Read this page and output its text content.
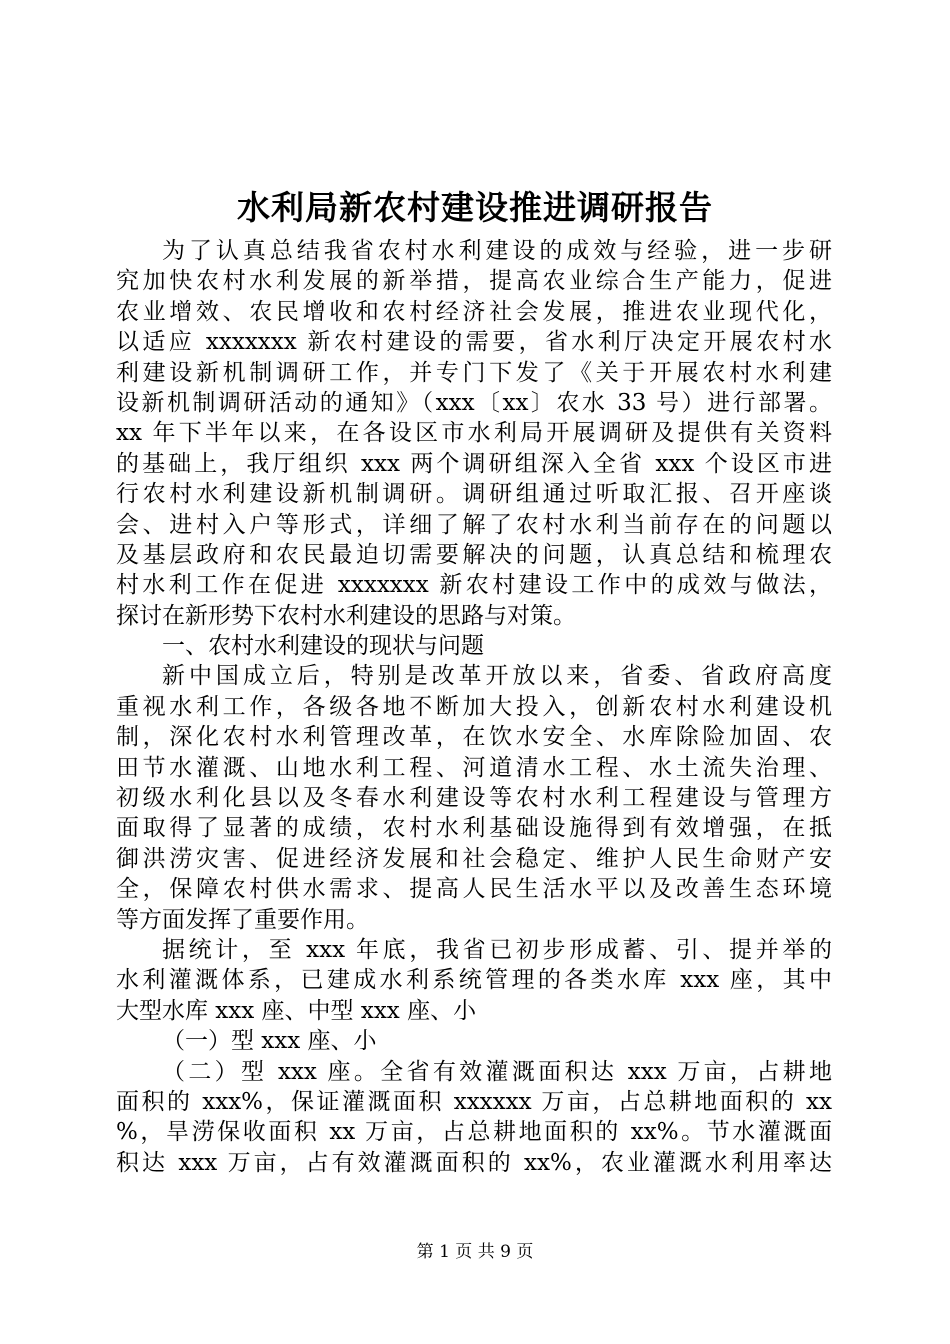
水利局新农村建设推进调研报告
为了认真总结我省农村水利建设的成效与经验，进一步研
究加快农村水利发展的新举措，提高农业综合生产能力，促进
农业增效、农民增收和农村经济社会发展，推进农业现代化，
以适应 xxxxxxx 新农村建设的需要，省水利厅决定开展农村水
利建设新机制调研工作，并专门下发了《关于开展农村水利建
设新机制调研活动的通知》（xxx〔xx〕农水 33 号）进行部署。
xx 年下半年以来，在各设区市水利局开展调研及提供有关资料
的基础上，我厅组织 xxx 两个调研组深入全省 xxx 个设区市进
行农村水利建设新机制调研。调研组通过听取汇报、召开座谈
会、进村入户等形式，详细了解了农村水利当前存在的问题以
及基层政府和农民最迫切需要解决的问题，认真总结和梳理农
村水利工作在促进 xxxxxxx 新农村建设工作中的成效与做法，
探讨在新形势下农村水利建设的思路与对策。
一、农村水利建设的现状与问题
新中国成立后，特别是改革开放以来，省委、省政府高度
重视水利工作，各级各地不断加大投入，创新农村水利建设机
制，深化农村水利管理改革，在饮水安全、水库除险加固、农
田节水灌溉、山地水利工程、河道清水工程、水土流失治理、
初级水利化县以及冬春水利建设等农村水利工程建设与管理方
面取得了显著的成绩，农村水利基础设施得到有效增强，在抵
御洪涝灾害、促进经济发展和社会稳定、维护人民生命财产安
全，保障农村供水需求、提高人民生活水平以及改善生态环境
等方面发挥了重要作用。
据统计，至 xxx 年底，我省已初步形成蓄、引、提并举的
水利灌溉体系，已建成水利系统管理的各类水库 xxx 座，其中
大型水库 xxx 座、中型 xxx 座、小
（一）型 xxx 座、小
（二）型 xxx 座。全省有效灌溉面积达 xxx 万亩，占耕地
面积的 xxx%，保证灌溉面积 xxxxxx 万亩，占总耕地面积的 xx
%，旱涝保收面积 xx 万亩，占总耕地面积的 xx%。节水灌溉面
积达 xxx 万亩，占有效灌溉面积的 xx%，农业灌溉水利用率达
第 1 页 共 9 页
